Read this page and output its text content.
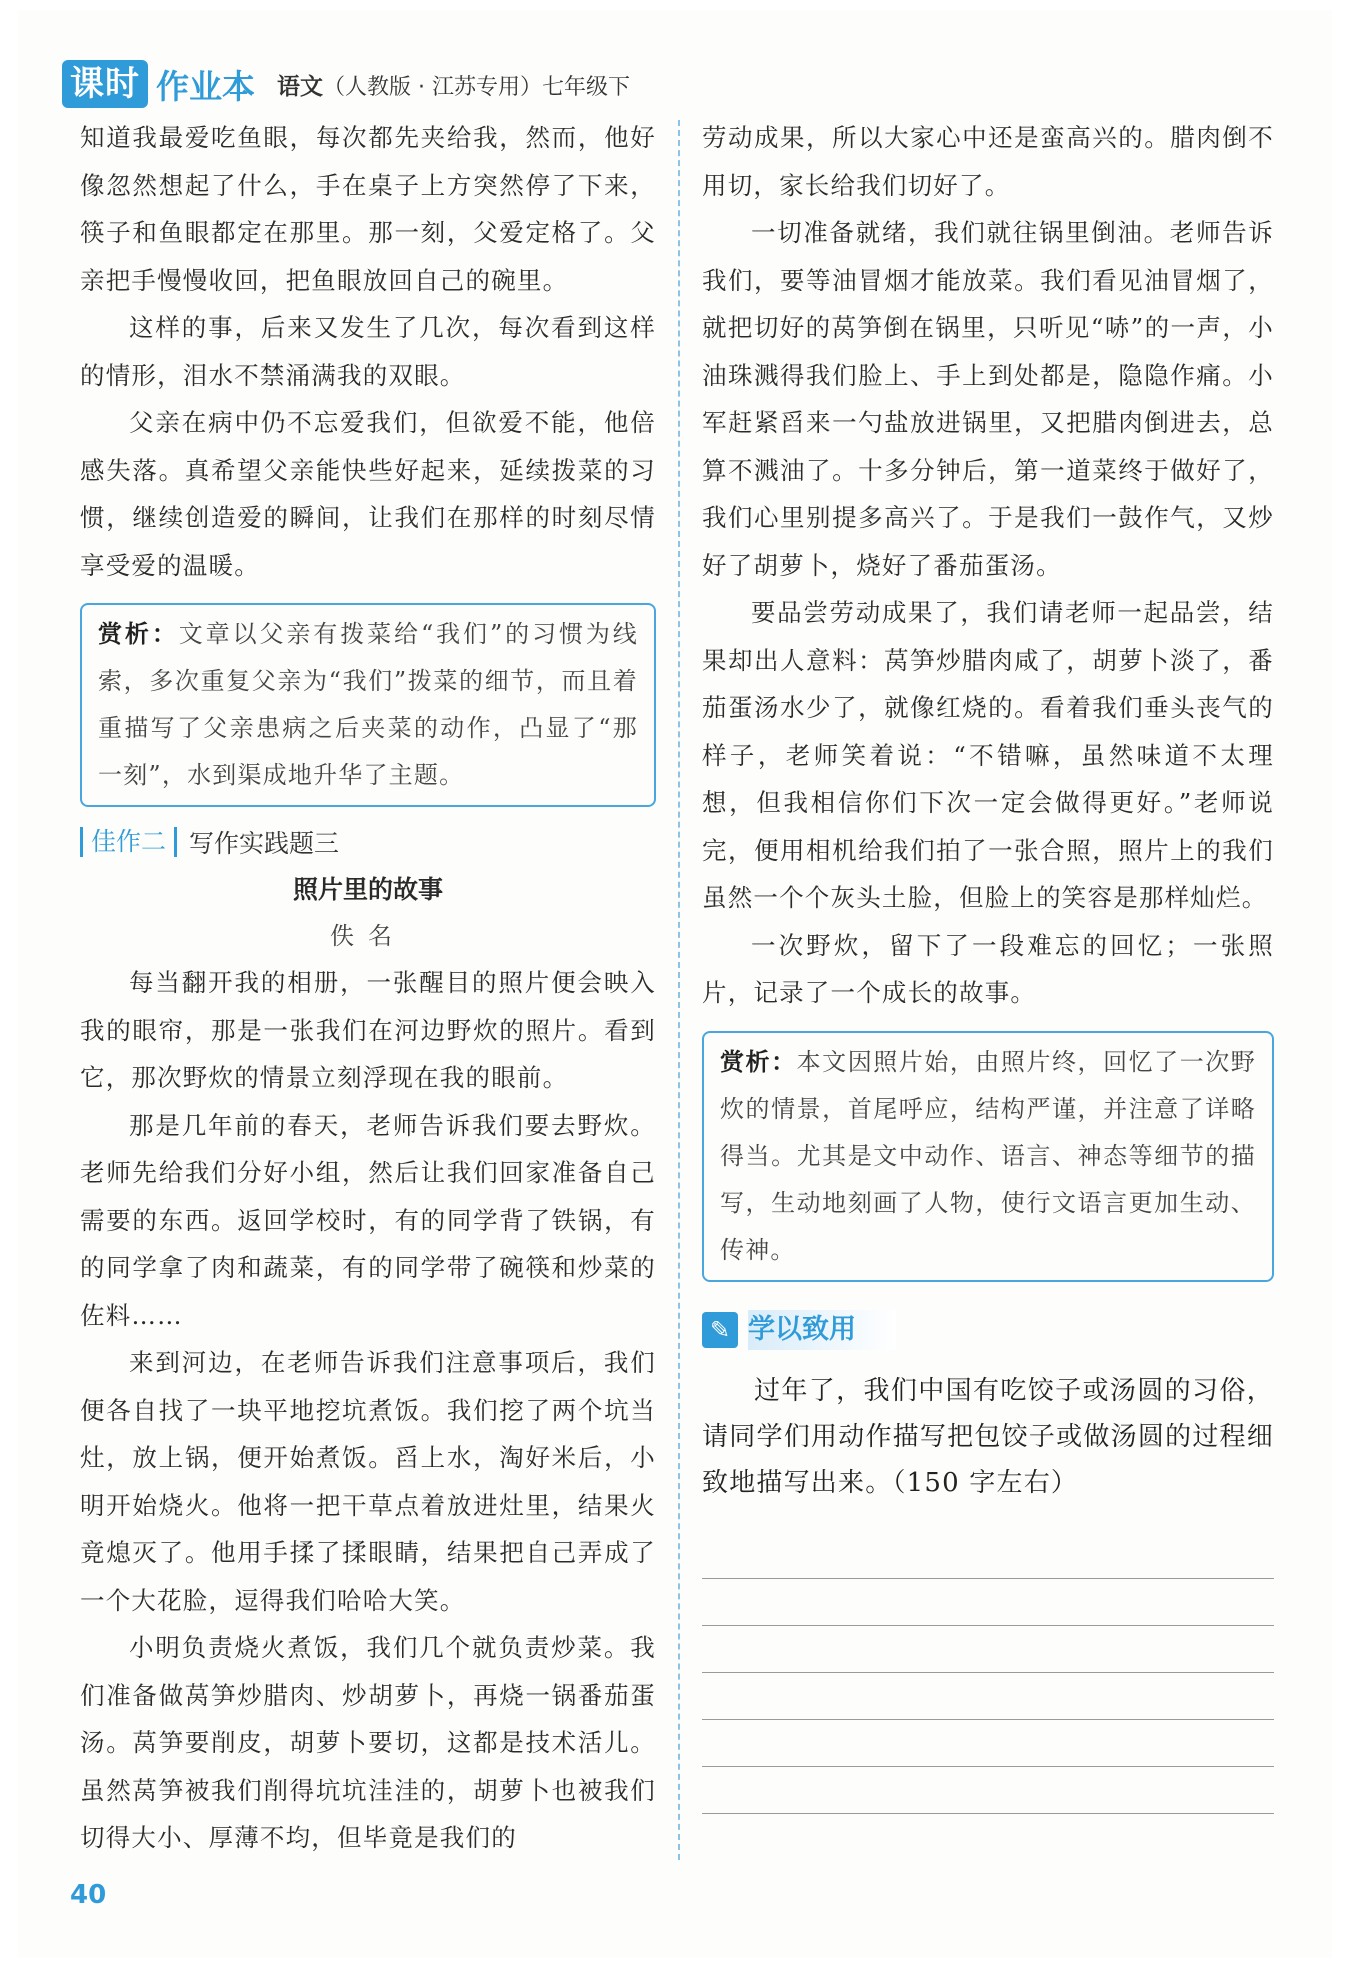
课时 作业本 语文（人教版 · 江苏专用）七年级下

知道我最爱吃鱼眼，每次都先夹给我，然而，他好像忽然想起了什么，手在桌子上方突然停了下来，筷子和鱼眼都定在那里。那一刻，父爱定格了。父亲把手慢慢收回，把鱼眼放回自己的碗里。

这样的事，后来又发生了几次，每次看到这样的情形，泪水不禁涌满我的双眼。

父亲在病中仍不忘爱我们，但欲爱不能，他倍感失落。真希望父亲能快些好起来，延续拨菜的习惯，继续创造爱的瞬间，让我们在那样的时刻尽情享受爱的温暖。

赏析：文章以父亲有拨菜给“我们”的习惯为线索，多次重复父亲为“我们”拨菜的细节，而且着重描写了父亲患病之后夹菜的动作，凸显了“那一刻”，水到渠成地升华了主题。
佳作二 写作实践题三
照片里的故事
佚名

每当翻开我的相册，一张醒目的照片便会映入我的眼帘，那是一张我们在河边野炊的照片。看到它，那次野炊的情景立刻浮现在我的眼前。

那是几年前的春天，老师告诉我们要去野炊。老师先给我们分好小组，然后让我们回家准备自己需要的东西。返回学校时，有的同学背了铁锅，有的同学拿了肉和蔬菜，有的同学带了碗筷和炒菜的佐料……

来到河边，在老师告诉我们注意事项后，我们便各自找了一块平地挖坑煮饭。我们挖了两个坑当灶，放上锅，便开始煮饭。舀上水，淘好米后，小明开始烧火。他将一把干草点着放进灶里，结果火竟熄灭了。他用手揉了揉眼睛，结果把自己弄成了一个大花脸，逗得我们哈哈大笑。

小明负责烧火煮饭，我们几个就负责炒菜。我们准备做莴笋炒腊肉、炒胡萝卜，再烧一锅番茄蛋汤。莴笋要削皮，胡萝卜要切，这都是技术活儿。虽然莴笋被我们削得坑坑洼洼的，胡萝卜也被我们切得大小、厚薄不均，但毕竟是我们的

劳动成果，所以大家心中还是蛮高兴的。腊肉倒不用切，家长给我们切好了。

一切准备就绪，我们就往锅里倒油。老师告诉我们，要等油冒烟才能放菜。我们看见油冒烟了，就把切好的莴笋倒在锅里，只听见“哧”的一声，小油珠溅得我们脸上、手上到处都是，隐隐作痛。小军赶紧舀来一勺盐放进锅里，又把腊肉倒进去，总算不溅油了。十多分钟后，第一道菜终于做好了，我们心里别提多高兴了。于是我们一鼓作气，又炒好了胡萝卜，烧好了番茄蛋汤。

要品尝劳动成果了，我们请老师一起品尝，结果却出人意料：莴笋炒腊肉咸了，胡萝卜淡了，番茄蛋汤水少了，就像红烧的。看着我们垂头丧气的样子，老师笑着说：“不错嘛，虽然味道不太理想，但我相信你们下次一定会做得更好。”老师说完，便用相机给我们拍了一张合照，照片上的我们虽然一个个灰头土脸，但脸上的笑容是那样灿烂。

一次野炊，留下了一段难忘的回忆；一张照片，记录了一个成长的故事。

赏析：本文因照片始，由照片终，回忆了一次野炊的情景，首尾呼应，结构严谨，并注意了详略得当。尤其是文中动作、语言、神态等细节的描写，生动地刻画了人物，使行文语言更加生动、传神。
✎ 学以致用

过年了，我们中国有吃饺子或汤圆的习俗，请同学们用动作描写把包饺子或做汤圆的过程细致地描写出来。（150 字左右）

40
